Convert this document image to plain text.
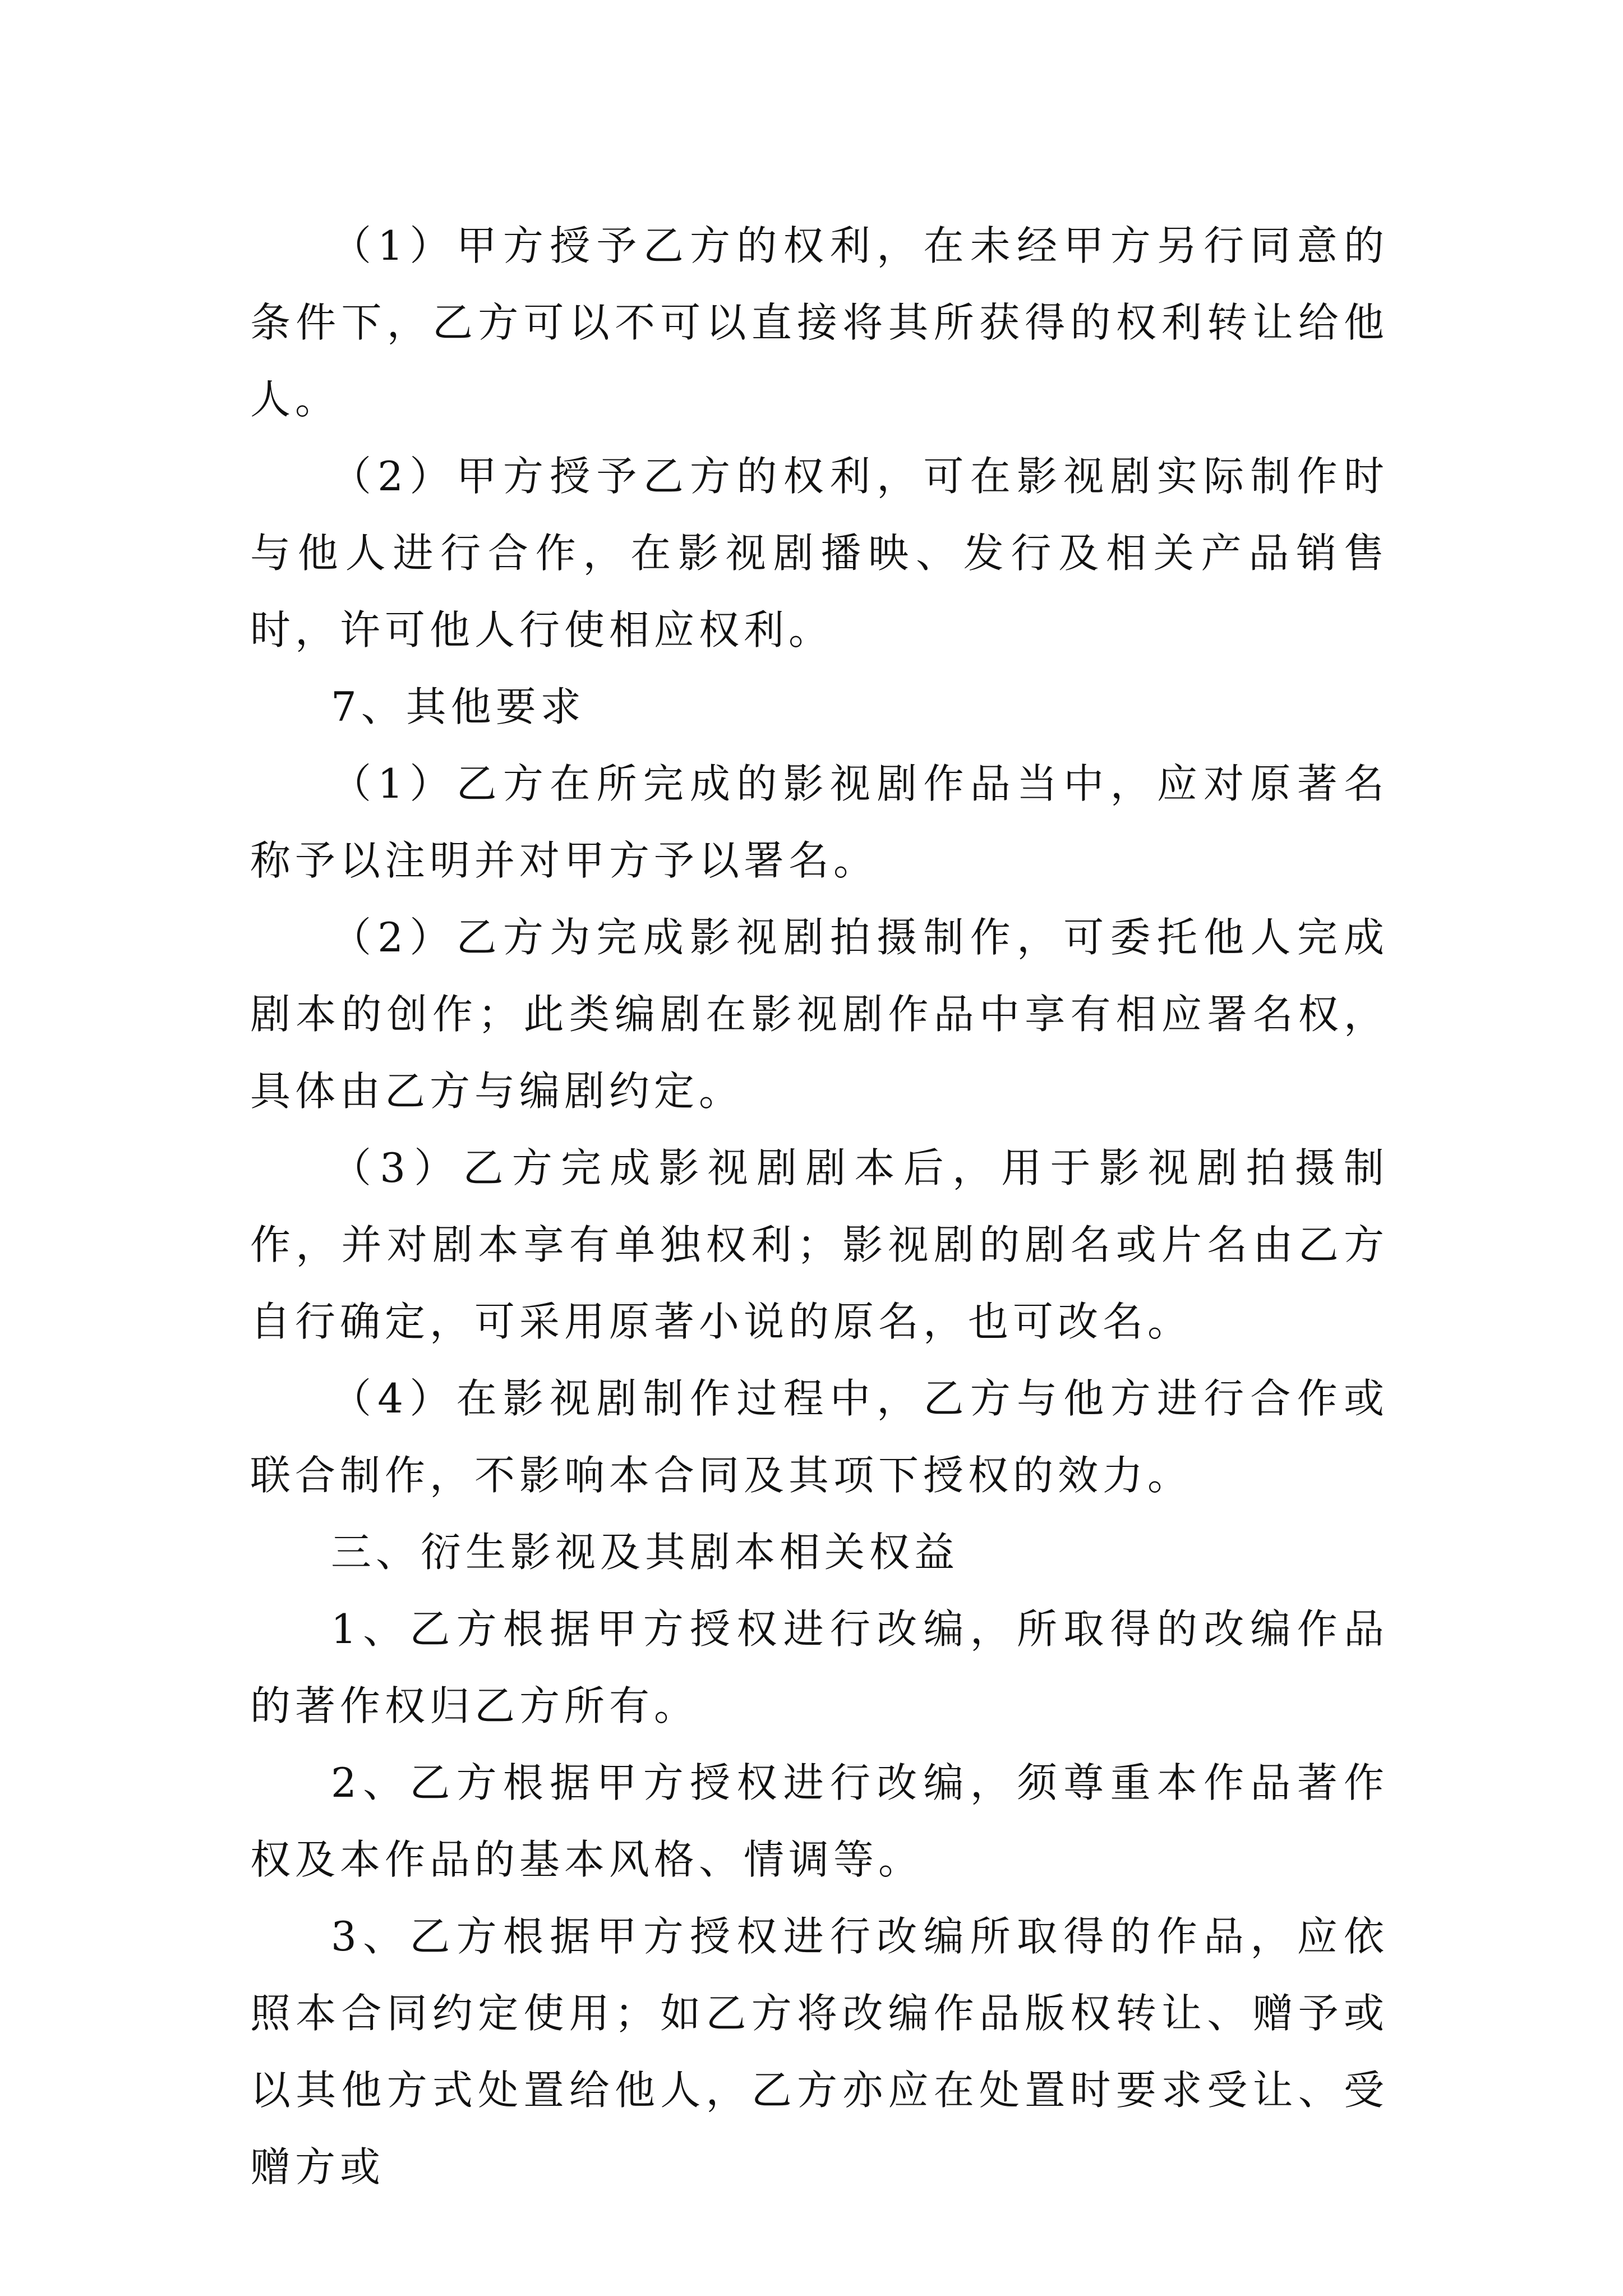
（1）甲方授予乙方的权利，在未经甲方另行同意的条件下，乙方可以不可以直接将其所获得的权利转让给他人。

（2）甲方授予乙方的权利，可在影视剧实际制作时与他人进行合作，在影视剧播映、发行及相关产品销售时，许可他人行使相应权利。

7、其他要求

（1）乙方在所完成的影视剧作品当中，应对原著名称予以注明并对甲方予以署名。

（2）乙方为完成影视剧拍摄制作，可委托他人完成剧本的创作；此类编剧在影视剧作品中享有相应署名权，具体由乙方与编剧约定。

（3）乙方完成影视剧剧本后，用于影视剧拍摄制作，并对剧本享有单独权利；影视剧的剧名或片名由乙方自行确定，可采用原著小说的原名，也可改名。

（4）在影视剧制作过程中，乙方与他方进行合作或联合制作，不影响本合同及其项下授权的效力。

三、衍生影视及其剧本相关权益

1、乙方根据甲方授权进行改编，所取得的改编作品的著作权归乙方所有。

2、乙方根据甲方授权进行改编，须尊重本作品著作权及本作品的基本风格、情调等。

3、乙方根据甲方授权进行改编所取得的作品，应依照本合同约定使用；如乙方将改编作品版权转让、赠予或以其他方式处置给他人，乙方亦应在处置时要求受让、受赠方或
